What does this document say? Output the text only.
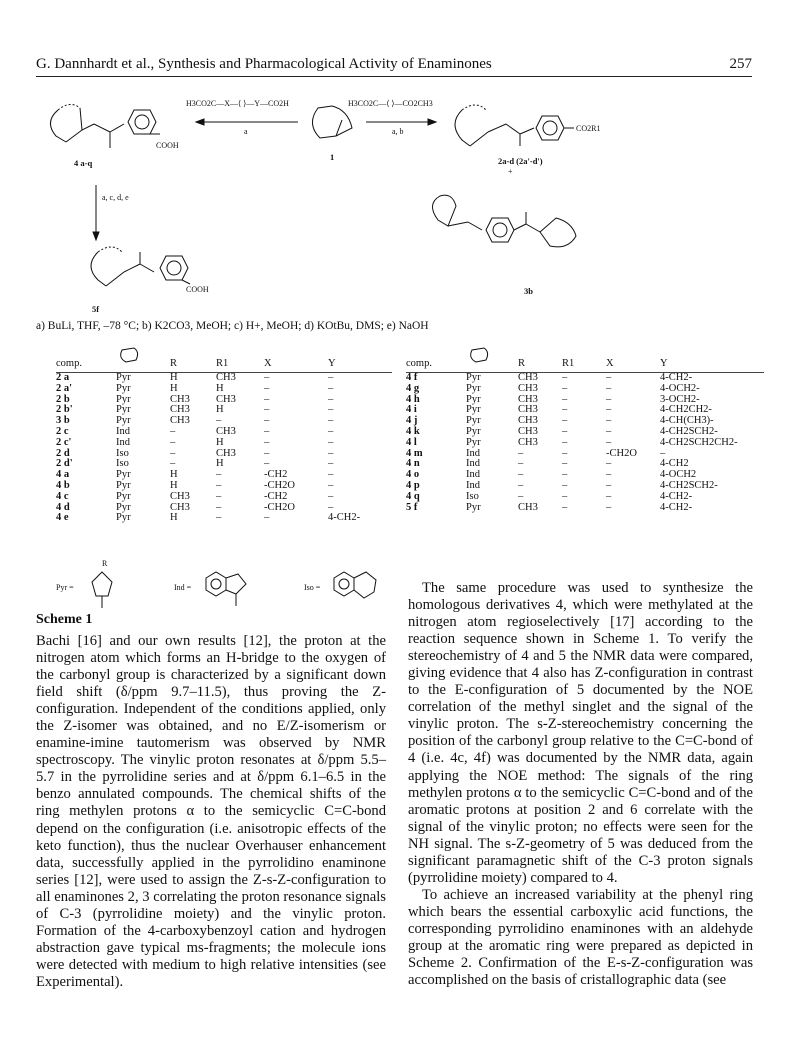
G. Dannhardt et al., Synthesis and Pharmacological Activity of Enaminones	257
H3CO2C—X—⟨ ⟩—Y—CO2H
a
H3CO2C—⟨ ⟩—CO2CH3
a, b
a, c, d, e
COOH
CO2R1
+
COOH
4 a-q
1	2a-d (2a'-d')
3b
5f
a) BuLi, THF, –78 °C; b) K2CO3, MeOH; c) H+, MeOH; d) KOtBu, DMS; e) NaOH
comp.		R	R1	X	Y
2 a	Pyr	H	CH3	–	–
2 a'	Pyr	H	H	–	–
2 b	Pyr	CH3	CH3	–	–
2 b'	Pyr	CH3	H	–	–
3 b	Pyr	CH3	–	–	–
2 c	Ind	–	CH3	–	–
2 c'	Ind	–	H	–	–
2 d	Iso	–	CH3	–	–
2 d'	Iso	–	H	–	–
4 a	Pyr	H	–	-CH2	–
4 b	Pyr	H	–	-CH2O	–
4 c	Pyr	CH3	–	-CH2	–
4 d	Pyr	CH3	–	-CH2O	–
4 e	Pyr	H	–	–	4-CH2-
comp.		R	R1	X	Y
4 f	Pyr	CH3	–	–	4-CH2-
4 g	Pyr	CH3	–	–	4-OCH2-
4 h	Pyr	CH3	–	–	3-OCH2-
4 i	Pyr	CH3	–	–	4-CH2CH2-
4 j	Pyr	CH3	–	–	4-CH(CH3)-
4 k	Pyr	CH3	–	–	4-CH2SCH2-
4 l	Pyr	CH3	–	–	4-CH2SCH2CH2-
4 m	Ind	–	–	-CH2O	–
4 n	Ind	–	–	–	4-CH2
4 o	Ind	–	–	–	4-OCH2
4 p	Ind	–	–	–	4-CH2SCH2-
4 q	Iso	–	–	–	4-CH2-
5 f	Pyr	CH3	–	–	4-CH2-
Pyr =	Ind =	Iso =
R
Scheme 1

Bachi [16] and our own results [12], the proton at the nitrogen atom which forms an H-bridge to the oxygen of the carbonyl group is characterized by a significant down field shift (δ/ppm 9.7–11.5), thus proving the Z-configuration. Independent of the conditions applied, only the Z-isomer was obtained, and no E/Z-isomerism or enamine-imine tautomerism was observed by NMR spectroscopy. The vinylic proton resonates at δ/ppm 5.5–5.7 in the pyrrolidine series and at δ/ppm 6.1–6.5 in the benzo annulated compounds. The chemical shifts of the ring methylen protons α to the semicyclic C=C-bond depend on the configuration (i.e. anisotropic effects of the keto function), thus the nuclear Overhauser enhancement data, successfully applied in the pyrrolidino enaminone series [12], were used to assign the Z-s-Z-configuration to all enaminones 2, 3 correlating the proton resonance signals of C-3 (pyrrolidine moiety) and the vinylic proton. Formation of the 4-carboxybenzoyl cation and hydrogen abstraction gave typical ms-fragments; the molecule ions were detected with medium to high relative intensities (see Experimental).

The same procedure was used to synthesize the homologous derivatives 4, which were methylated at the nitrogen atom regioselectively [17] according to the reaction sequence shown in Scheme 1. To verify the stereochemistry of 4 and 5 the NMR data were compared, giving evidence that 4 also has Z-configuration in contrast to the E-configuration of 5 documented by the NOE correlation of the methyl singlet and the signal of the vinylic proton. The s-Z-stereochemistry concerning the position of the carbonyl group relative to the C=C-bond of 4 (i.e. 4c, 4f) was documented by the NMR data, again applying the NOE method: The signals of the ring methylen protons α to the semicyclic C=C-bond and of the aromatic protons at position 2 and 6 correlate with the signal of the vinylic proton; no effects were seen for the NH signal. The s-Z-geometry of 5 was deduced from the significant paramagnetic shift of the C-3 proton signals (pyrrolidine moiety) compared to 4.

To achieve an increased variability at the phenyl ring which bears the essential carboxylic acid functions, the corresponding pyrrolidino enaminones with an aldehyde group at the aromatic ring were prepared as depicted in Scheme 2. Confirmation of the E-s-Z-configuration was accomplished on the basis of cristallographic data (see
